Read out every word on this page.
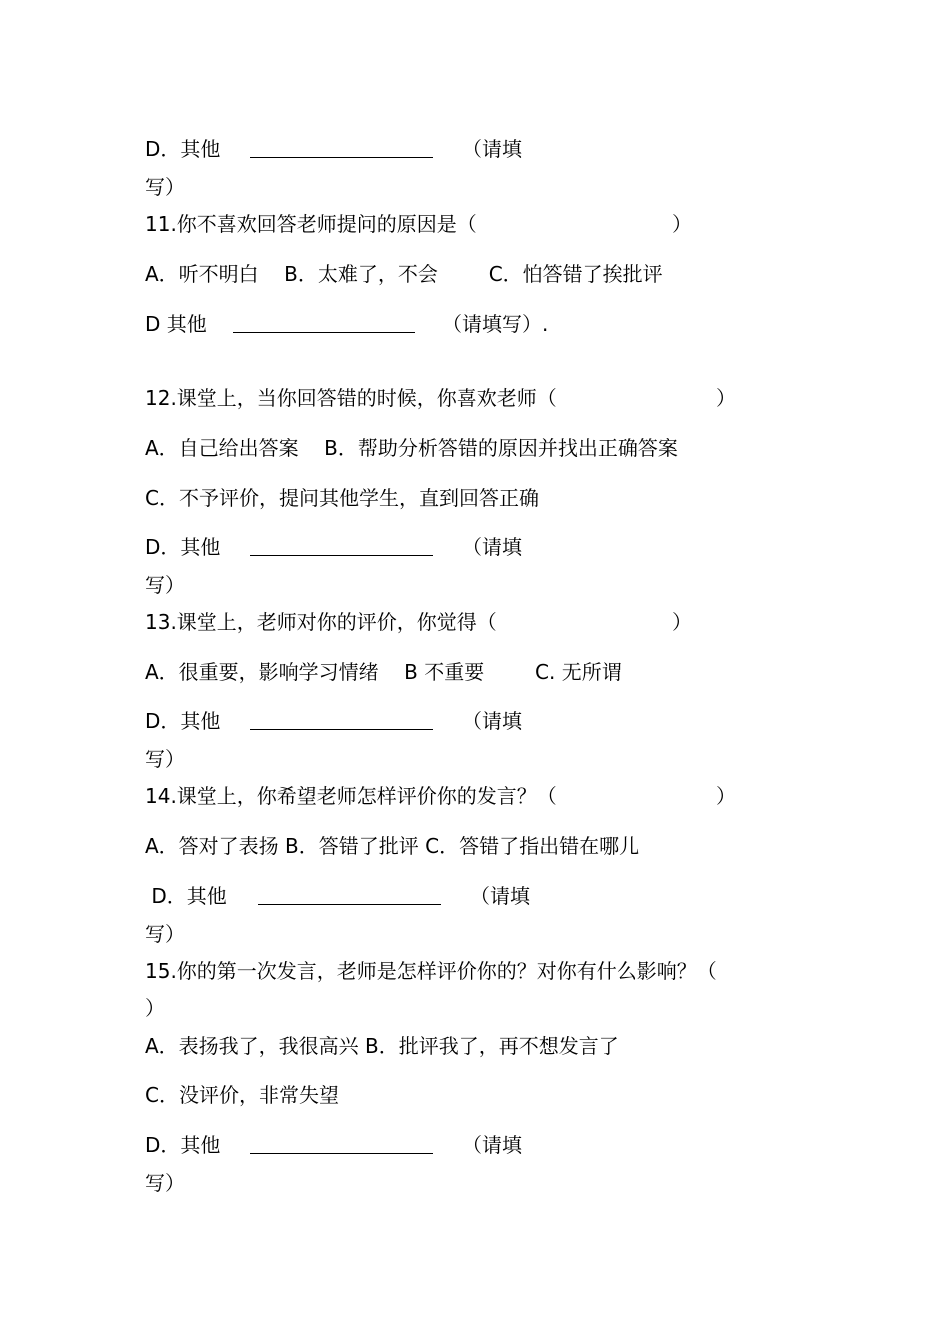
D．其他	（请填
写）
11.你不喜欢回答老师提问的原因是（	）
A．听不明白    B．太难了，不会        C．怕答错了挨批评
D 其他	（请填写）.
12.课堂上，当你回答错的时候，你喜欢老师（	）
A．自己给出答案    B．帮助分析答错的原因并找出正确答案
C．不予评价，提问其他学生，直到回答正确
D．其他	（请填
写）
13.课堂上，老师对你的评价，你觉得（	）
A．很重要，影响学习情绪    B 不重要        C. 无所谓
D．其他	（请填
写）
14.课堂上，你希望老师怎样评价你的发言？（	）
A．答对了表扬 B．答错了批评 C．答错了指出错在哪儿
D．其他	（请填
写）
15.你的第一次发言，老师是怎样评价你的？对你有什么影响？（
）
A．表扬我了，我很高兴 B．批评我了，再不想发言了
C．没评价，非常失望
D．其他	（请填
写）
